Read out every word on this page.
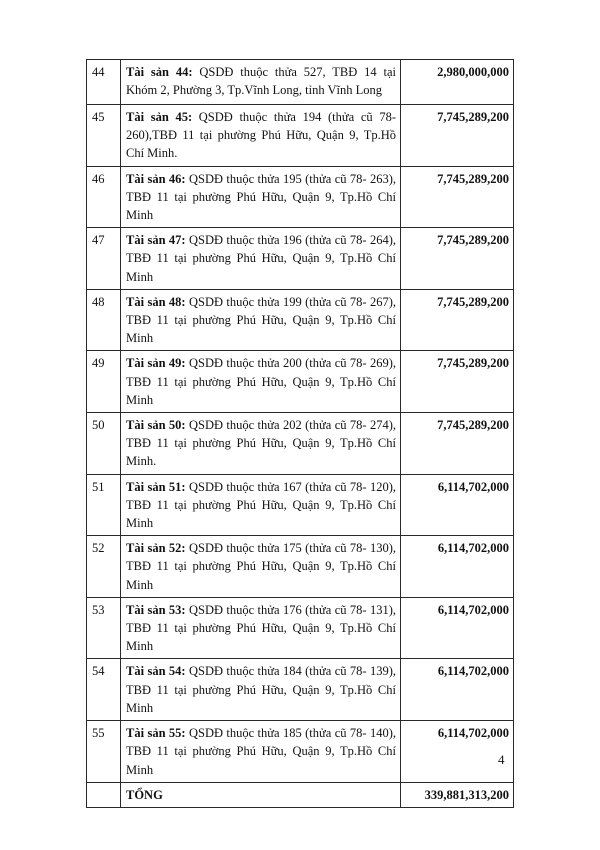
44	Tài sản 44: QSDĐ thuộc thửa 527, TBĐ 14 tại Khóm 2, Phường 3, Tp.Vĩnh Long, tỉnh Vĩnh Long	2,980,000,000
45	Tài sản 45: QSDĐ thuộc thửa 194 (thửa cũ 78-260),TBĐ 11 tại phường Phú Hữu, Quận 9, Tp.Hồ Chí Minh.	7,745,289,200
46	Tài sản 46: QSDĐ thuộc thửa 195 (thửa cũ 78- 263), TBĐ 11 tại phường Phú Hữu, Quận 9, Tp.Hồ Chí Minh	7,745,289,200
47	Tài sản 47: QSDĐ thuộc thửa 196 (thửa cũ 78- 264), TBĐ 11 tại phường Phú Hữu, Quận 9, Tp.Hồ Chí Minh	7,745,289,200
48	Tài sản 48: QSDĐ thuộc thửa 199 (thửa cũ 78- 267), TBĐ 11 tại phường Phú Hữu, Quận 9, Tp.Hồ Chí Minh	7,745,289,200
49	Tài sản 49: QSDĐ thuộc thửa 200 (thửa cũ 78- 269), TBĐ 11 tại phường Phú Hữu, Quận 9, Tp.Hồ Chí Minh	7,745,289,200
50	Tài sản 50: QSDĐ thuộc thửa 202 (thửa cũ 78- 274), TBĐ 11 tại phường Phú Hữu, Quận 9, Tp.Hồ Chí Minh.	7,745,289,200
51	Tài sản 51: QSDĐ thuộc thửa 167 (thửa cũ 78- 120), TBĐ 11 tại phường Phú Hữu, Quận 9, Tp.Hồ Chí Minh	6,114,702,000
52	Tài sản 52: QSDĐ thuộc thửa 175 (thửa cũ 78- 130), TBĐ 11 tại phường Phú Hữu, Quận 9, Tp.Hồ Chí Minh	6,114,702,000
53	Tài sản 53: QSDĐ thuộc thửa 176 (thửa cũ 78- 131), TBĐ 11 tại phường Phú Hữu, Quận 9, Tp.Hồ Chí Minh	6,114,702,000
54	Tài sản 54: QSDĐ thuộc thửa 184 (thửa cũ 78- 139), TBĐ 11 tại phường Phú Hữu, Quận 9, Tp.Hồ Chí Minh	6,114,702,000
55	Tài sản 55: QSDĐ thuộc thửa 185 (thửa cũ 78- 140), TBĐ 11 tại phường Phú Hữu, Quận 9, Tp.Hồ Chí Minh	6,114,702,000
	TỔNG	339,881,313,200
4
